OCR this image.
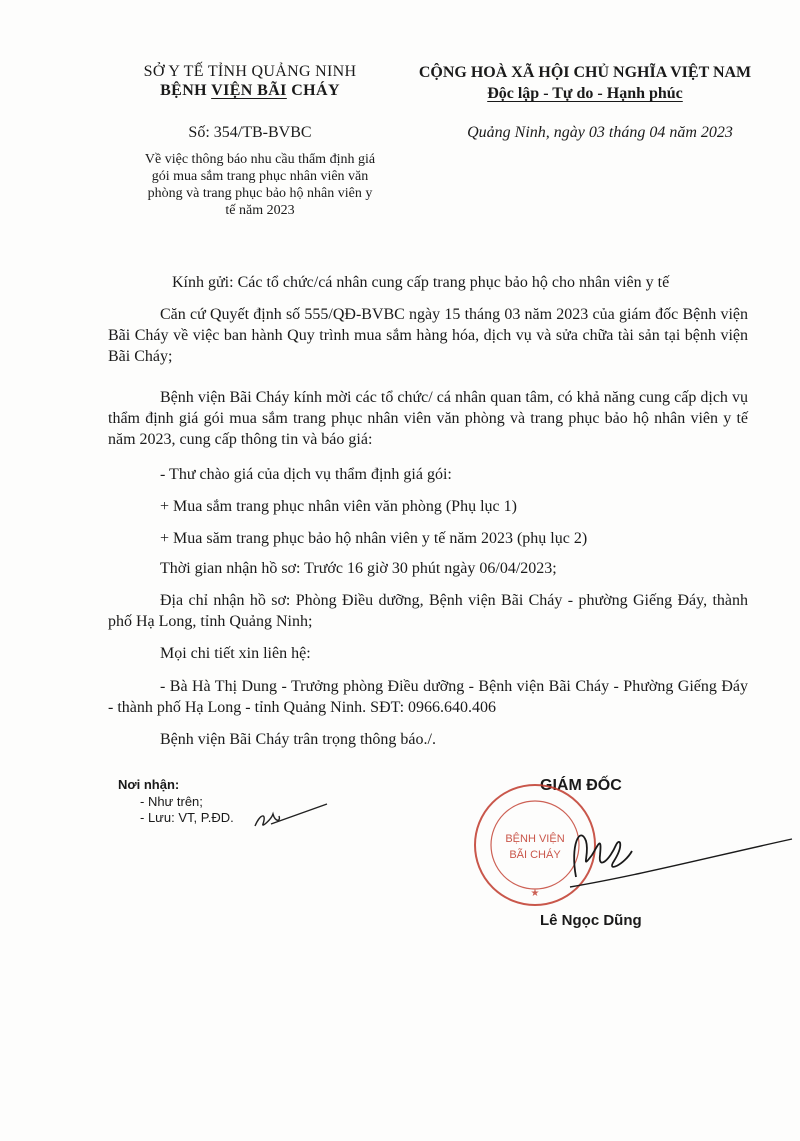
SỞ Y TẾ TỈNH QUẢNG NINH
BỆNH VIỆN BÃI CHÁY
CỘNG HOÀ XÃ HỘI CHỦ NGHĨA VIỆT NAM
Độc lập - Tự do - Hạnh phúc
Số: 354/TB-BVBC	Quảng Ninh, ngày 03 tháng 04 năm 2023
Về việc thông báo nhu cầu thẩm định giá
gói mua sắm trang phục nhân viên văn
phòng và trang phục bảo hộ nhân viên y
tế năm 2023
Kính gửi: Các tổ chức/cá nhân cung cấp trang phục bảo hộ cho nhân viên y tế
Căn cứ Quyết định số 555/QĐ-BVBC ngày 15 tháng 03 năm 2023 của giám đốc Bệnh viện Bãi Cháy về việc ban hành Quy trình mua sắm hàng hóa, dịch vụ và sửa chữa tài sản tại bệnh viện Bãi Cháy;
Bệnh viện Bãi Cháy kính mời các tổ chức/ cá nhân quan tâm, có khả năng cung cấp dịch vụ thẩm định giá gói mua sắm trang phục nhân viên văn phòng và trang phục bảo hộ nhân viên y tế năm 2023, cung cấp thông tin và báo giá:
- Thư chào giá của dịch vụ thẩm định giá gói:
+ Mua sắm trang phục nhân viên văn phòng (Phụ lục 1)
+ Mua săm trang phục bảo hộ nhân viên y tế năm 2023 (phụ lục 2)
Thời gian nhận hồ sơ: Trước 16 giờ 30 phút ngày 06/04/2023;
Địa chỉ nhận hồ sơ: Phòng Điều dưỡng, Bệnh viện Bãi Cháy - phường Giếng Đáy, thành phố Hạ Long, tỉnh Quảng Ninh;
Mọi chi tiết xin liên hệ:
- Bà Hà Thị Dung - Trưởng phòng Điều dưỡng - Bệnh viện Bãi Cháy - Phường Giếng Đáy - thành phố Hạ Long - tỉnh Quảng Ninh. SĐT: 0966.640.406
Bệnh viện Bãi Cháy trân trọng thông báo./.
Nơi nhận:
- Như trên;
- Lưu: VT, P.ĐD.
GIÁM ĐỐC
BỆNH VIỆN
BÃI CHÁY
★
Lê Ngọc Dũng
